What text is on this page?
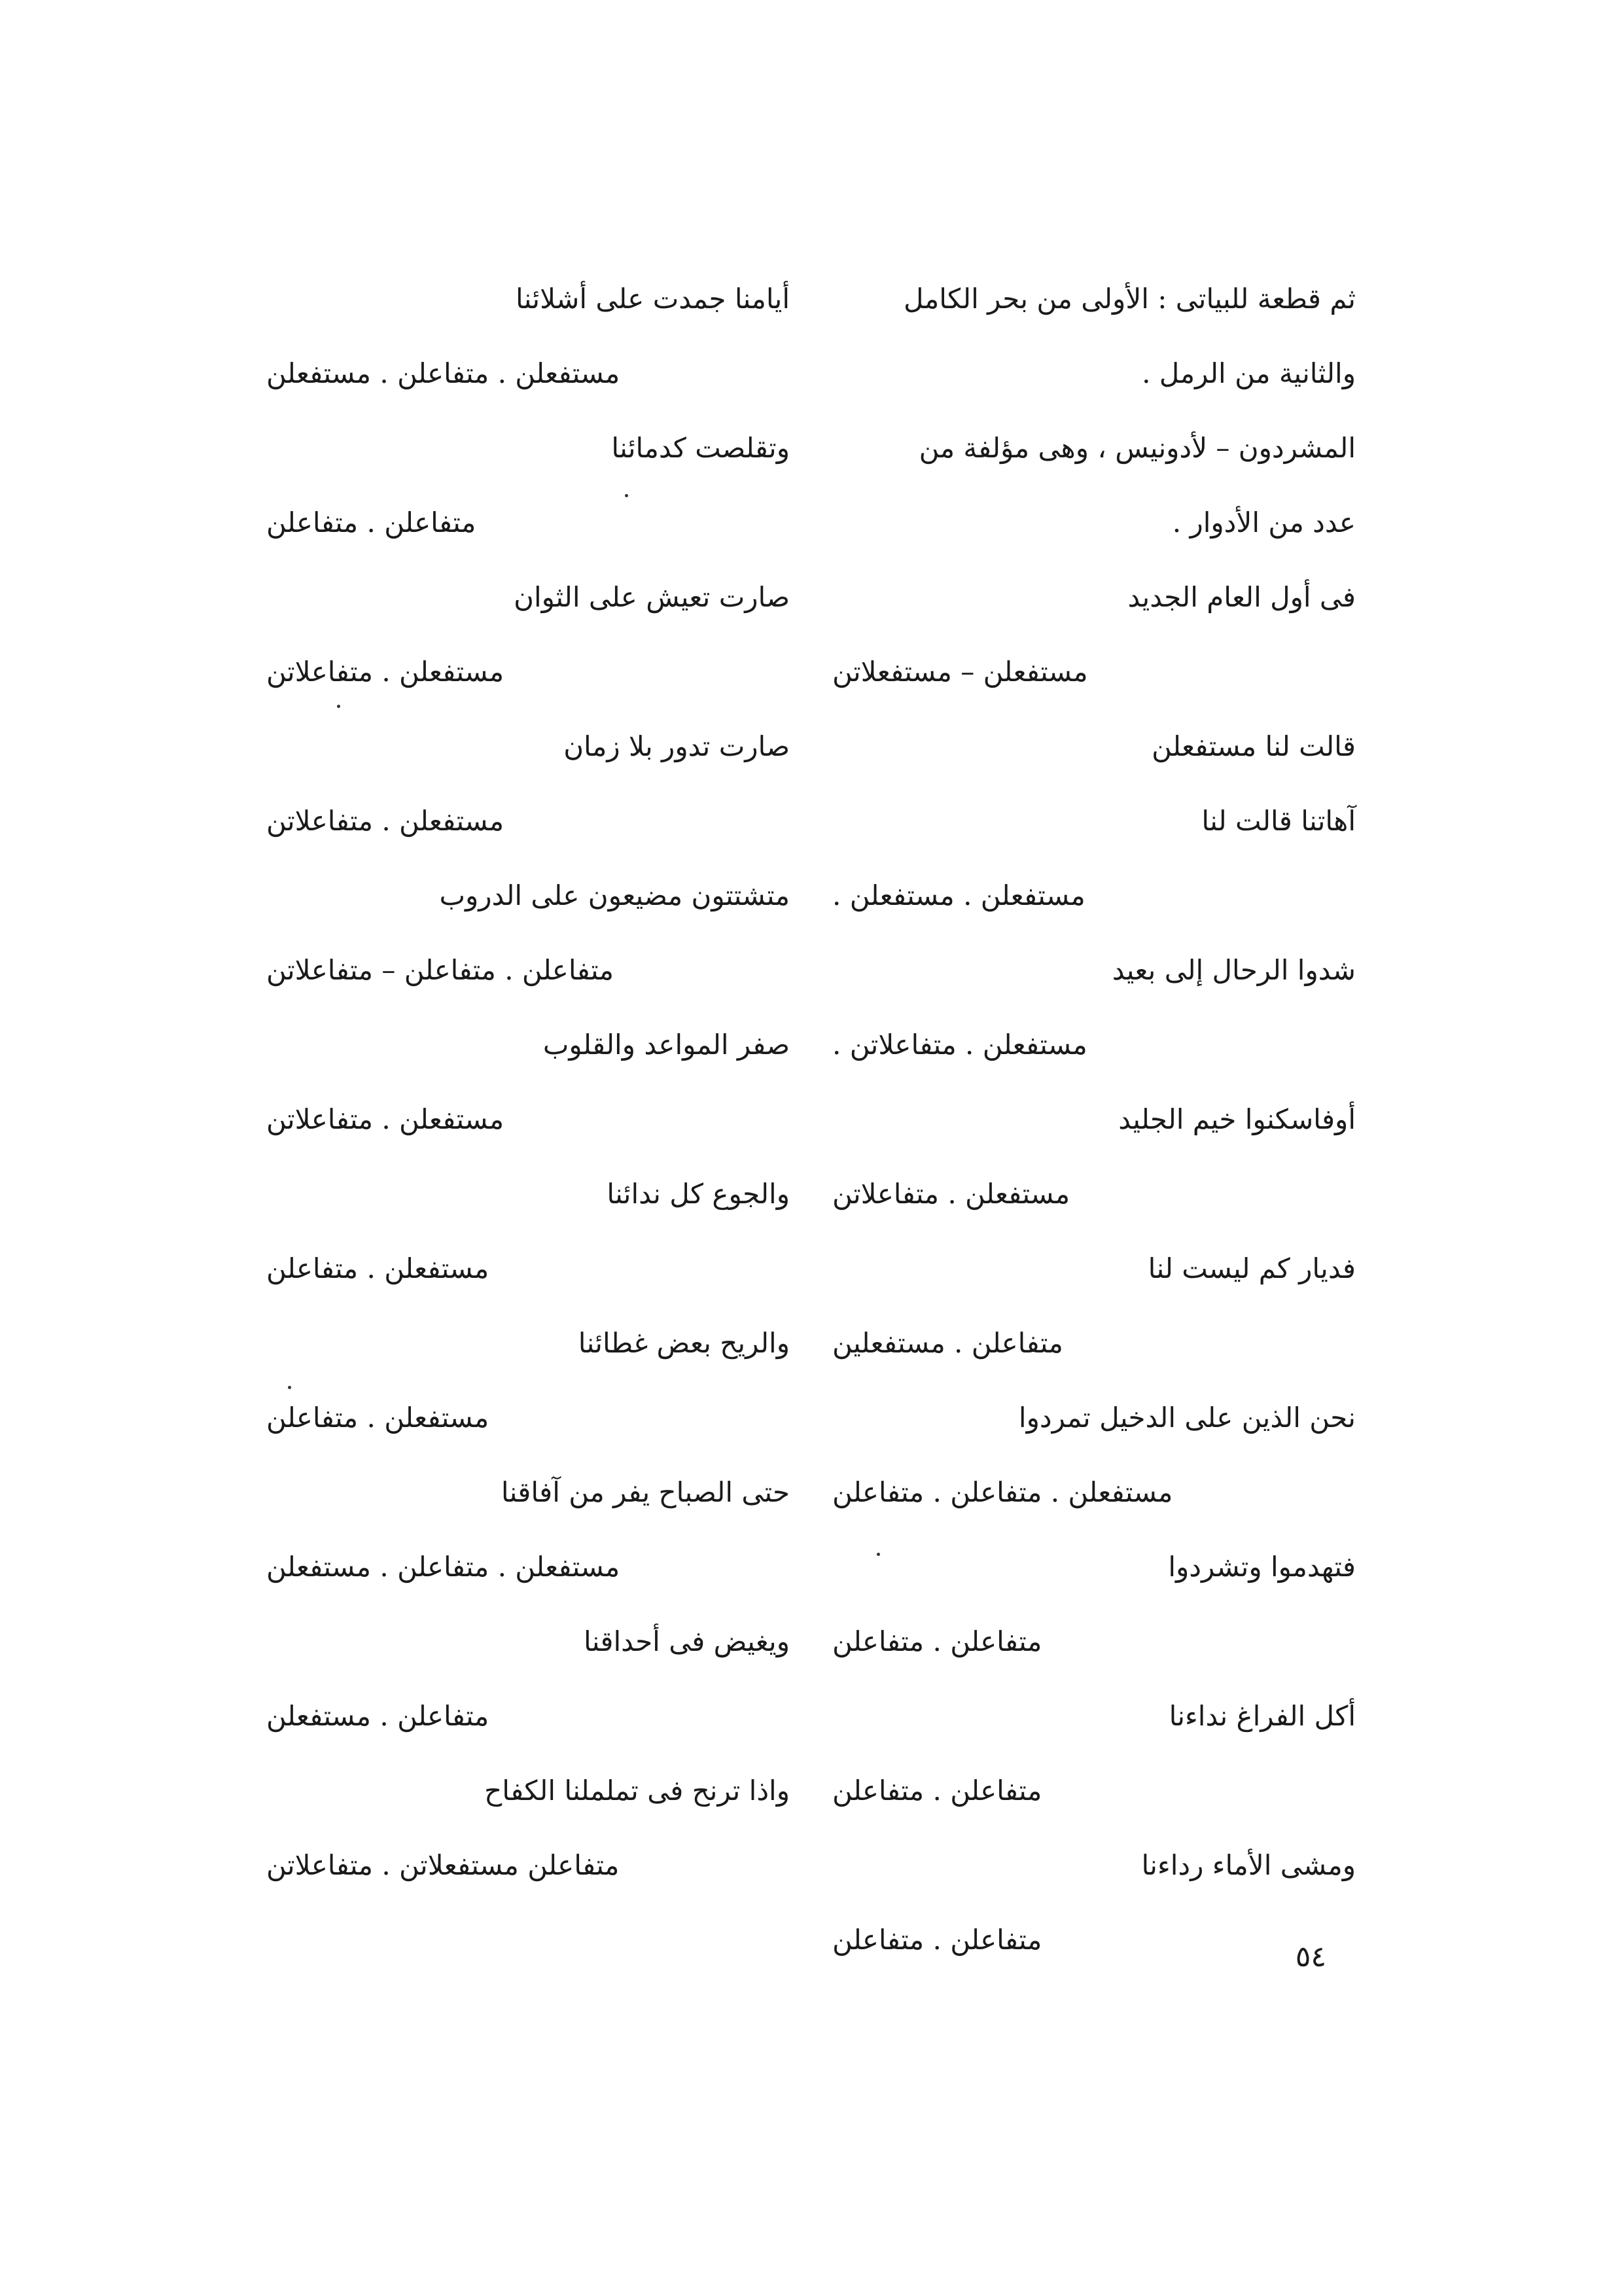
ثم قطعة للبياتى : الأولى من بحر الكامل
والثانية من الرمل .
المشردون – لأدونيس ، وهى مؤلفة من
عدد من الأدوار .
فى أول العام الجديد
مستفعلن – مستفعلاتن
قالت لنا مستفعلن
آهاتنا قالت لنا
مستفعلن . مستفعلن .
شدوا الرحال إلى بعيد
مستفعلن . متفاعلاتن .
أوفاسكنوا خيم الجليد
مستفعلن . متفاعلاتن
فديار كم ليست لنا
متفاعلن . مستفعلين
نحن الذين على الدخيل تمردوا
مستفعلن . متفاعلن . متفاعلن
فتهدموا وتشردوا
متفاعلن . متفاعلن
أكل الفراغ نداءنا
متفاعلن . متفاعلن
ومشى الأماء رداءنا
متفاعلن . متفاعلن
أيامنا جمدت على أشلائنا
مستفعلن . متفاعلن . مستفعلن
وتقلصت كدمائنا
متفاعلن . متفاعلن
صارت تعيش على الثوان
مستفعلن . متفاعلاتن
صارت تدور بلا زمان
مستفعلن . متفاعلاتن
متشتتون مضيعون على الدروب
متفاعلن . متفاعلن – متفاعلاتن
صفر المواعد والقلوب
مستفعلن . متفاعلاتن
والجوع كل ندائنا
مستفعلن . متفاعلن
والريح بعض غطائنا
مستفعلن . متفاعلن
حتى الصباح يفر من آفاقنا
مستفعلن . متفاعلن . مستفعلن
ويغيض فى أحداقنا
متفاعلن . مستفعلن
واذا ترنح فى تململنا الكفاح
متفاعلن مستفعلاتن . متفاعلاتن
٥٤
